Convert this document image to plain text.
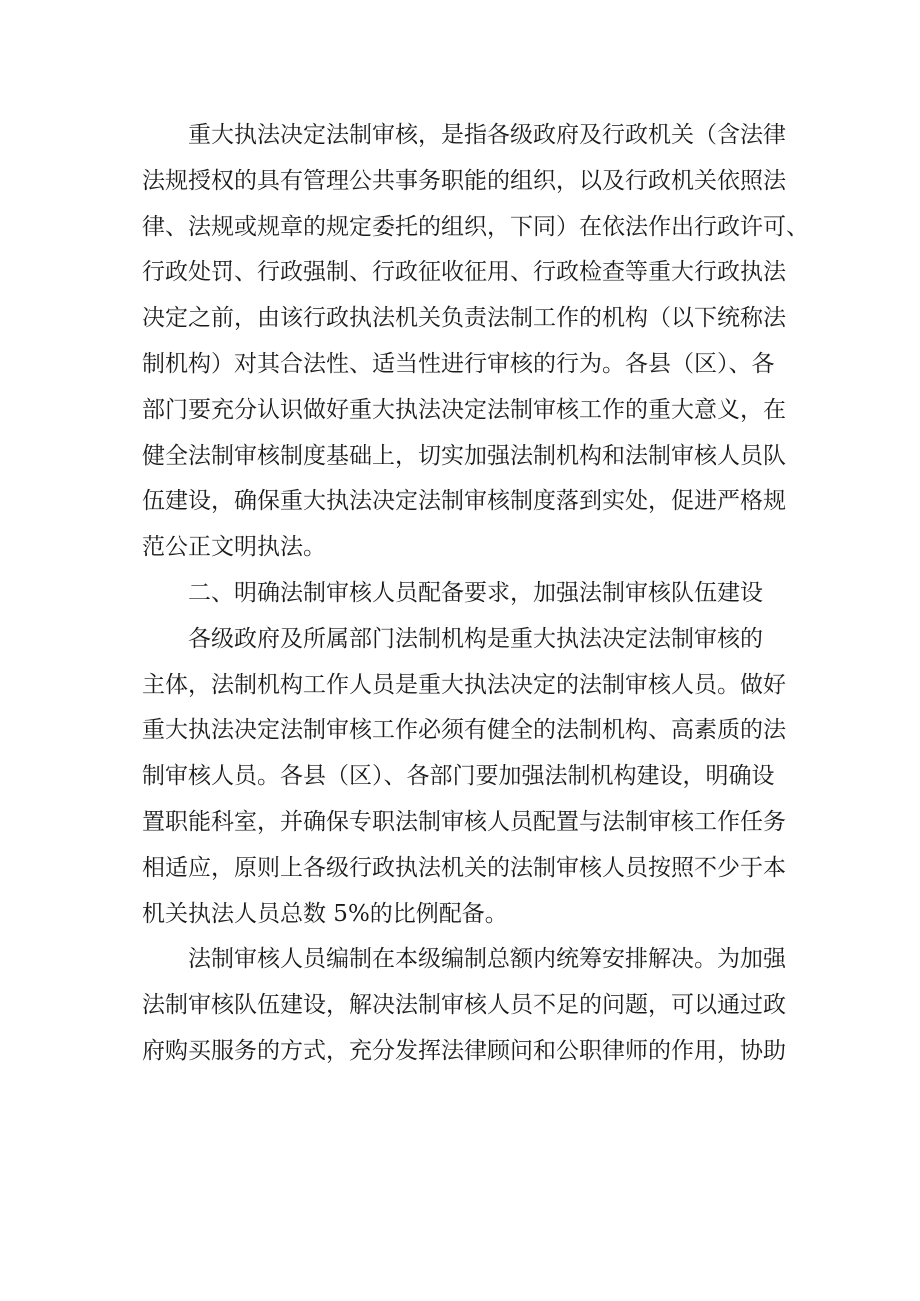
重大执法决定法制审核，是指各级政府及行政机关（含法律
法规授权的具有管理公共事务职能的组织，以及行政机关依照法
律、法规或规章的规定委托的组织，下同）在依法作出行政许可、
行政处罚、行政强制、行政征收征用、行政检查等重大行政执法
决定之前，由该行政执法机关负责法制工作的机构（以下统称法
制机构）对其合法性、适当性进行审核的行为。各县（区）、各
部门要充分认识做好重大执法决定法制审核工作的重大意义，在
健全法制审核制度基础上，切实加强法制机构和法制审核人员队
伍建设，确保重大执法决定法制审核制度落到实处，促进严格规
范公正文明执法。
二、明确法制审核人员配备要求，加强法制审核队伍建设
各级政府及所属部门法制机构是重大执法决定法制审核的
主体，法制机构工作人员是重大执法决定的法制审核人员。做好
重大执法决定法制审核工作必须有健全的法制机构、高素质的法
制审核人员。各县（区）、各部门要加强法制机构建设，明确设
置职能科室，并确保专职法制审核人员配置与法制审核工作任务
相适应，原则上各级行政执法机关的法制审核人员按照不少于本
机关执法人员总数 5%的比例配备。
法制审核人员编制在本级编制总额内统筹安排解决。为加强
法制审核队伍建设，解决法制审核人员不足的问题，可以通过政
府购买服务的方式，充分发挥法律顾问和公职律师的作用，协助
